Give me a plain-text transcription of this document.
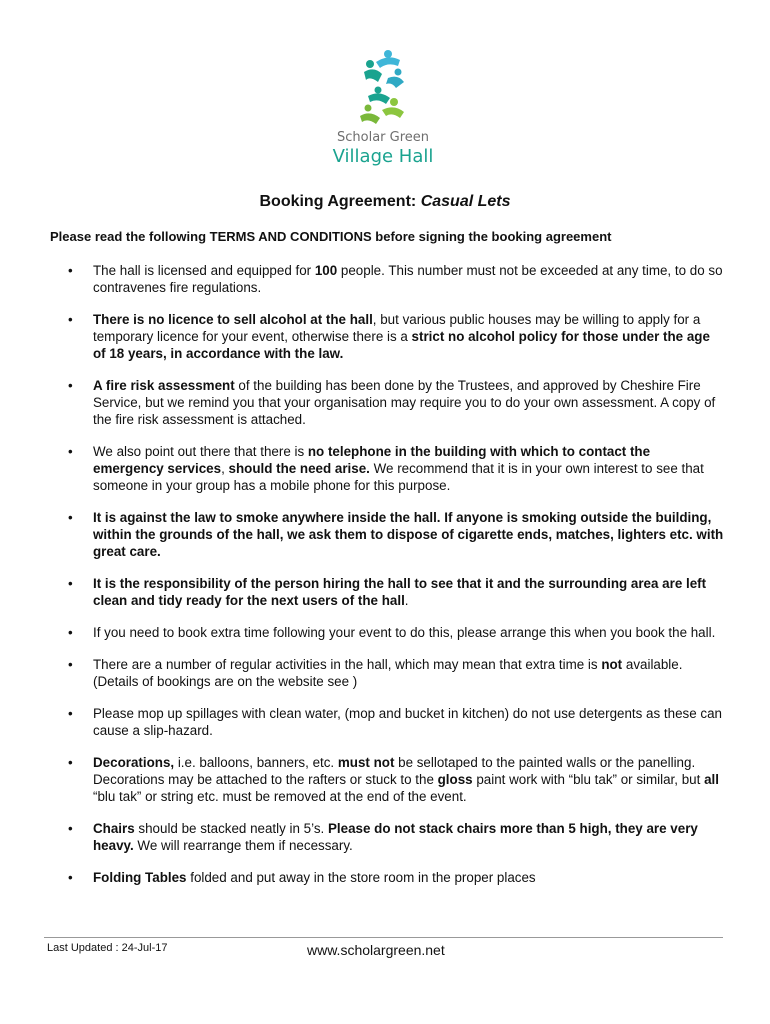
Scholar Green
Village Hall
Booking Agreement: Casual Lets
Please read the following TERMS AND CONDITIONS before signing the booking agreement
• The hall is licensed and equipped for 100 people. This number must not be exceeded at any time, to do so contravenes fire regulations.
• There is no licence to sell alcohol at the hall, but various public houses may be willing to apply for a temporary licence for your event, otherwise there is a strict no alcohol policy for those under the age of 18 years, in accordance with the law.
• A fire risk assessment of the building has been done by the Trustees, and approved by Cheshire Fire Service, but we remind you that your organisation may require you to do your own assessment. A copy of the fire risk assessment is attached.
• We also point out there that there is no telephone in the building with which to contact the emergency services, should the need arise. We recommend that it is in your own interest to see that someone in your group has a mobile phone for this purpose.
• It is against the law to smoke anywhere inside the hall. If anyone is smoking outside the building, within the grounds of the hall, we ask them to dispose of cigarette ends, matches, lighters etc. with great care.
• It is the responsibility of the person hiring the hall to see that it and the surrounding area are left clean and tidy ready for the next users of the hall.
• If you need to book extra time following your event to do this, please arrange this when you book the hall.
• There are a number of regular activities in the hall, which may mean that extra time is not available. (Details of bookings are on the website see )
• Please mop up spillages with clean water, (mop and bucket in kitchen) do not use detergents as these can cause a slip-hazard.
• Decorations, i.e. balloons, banners, etc. must not be sellotaped to the painted walls or the panelling. Decorations may be attached to the rafters or stuck to the gloss paint work with “blu tak” or similar, but all “blu tak” or string etc. must be removed at the end of the event.
• Chairs should be stacked neatly in 5’s. Please do not stack chairs more than 5 high, they are very heavy. We will rearrange them if necessary.
• Folding Tables folded and put away in the store room in the proper places
Last Updated : 24-Jul-17	www.scholargreen.net
